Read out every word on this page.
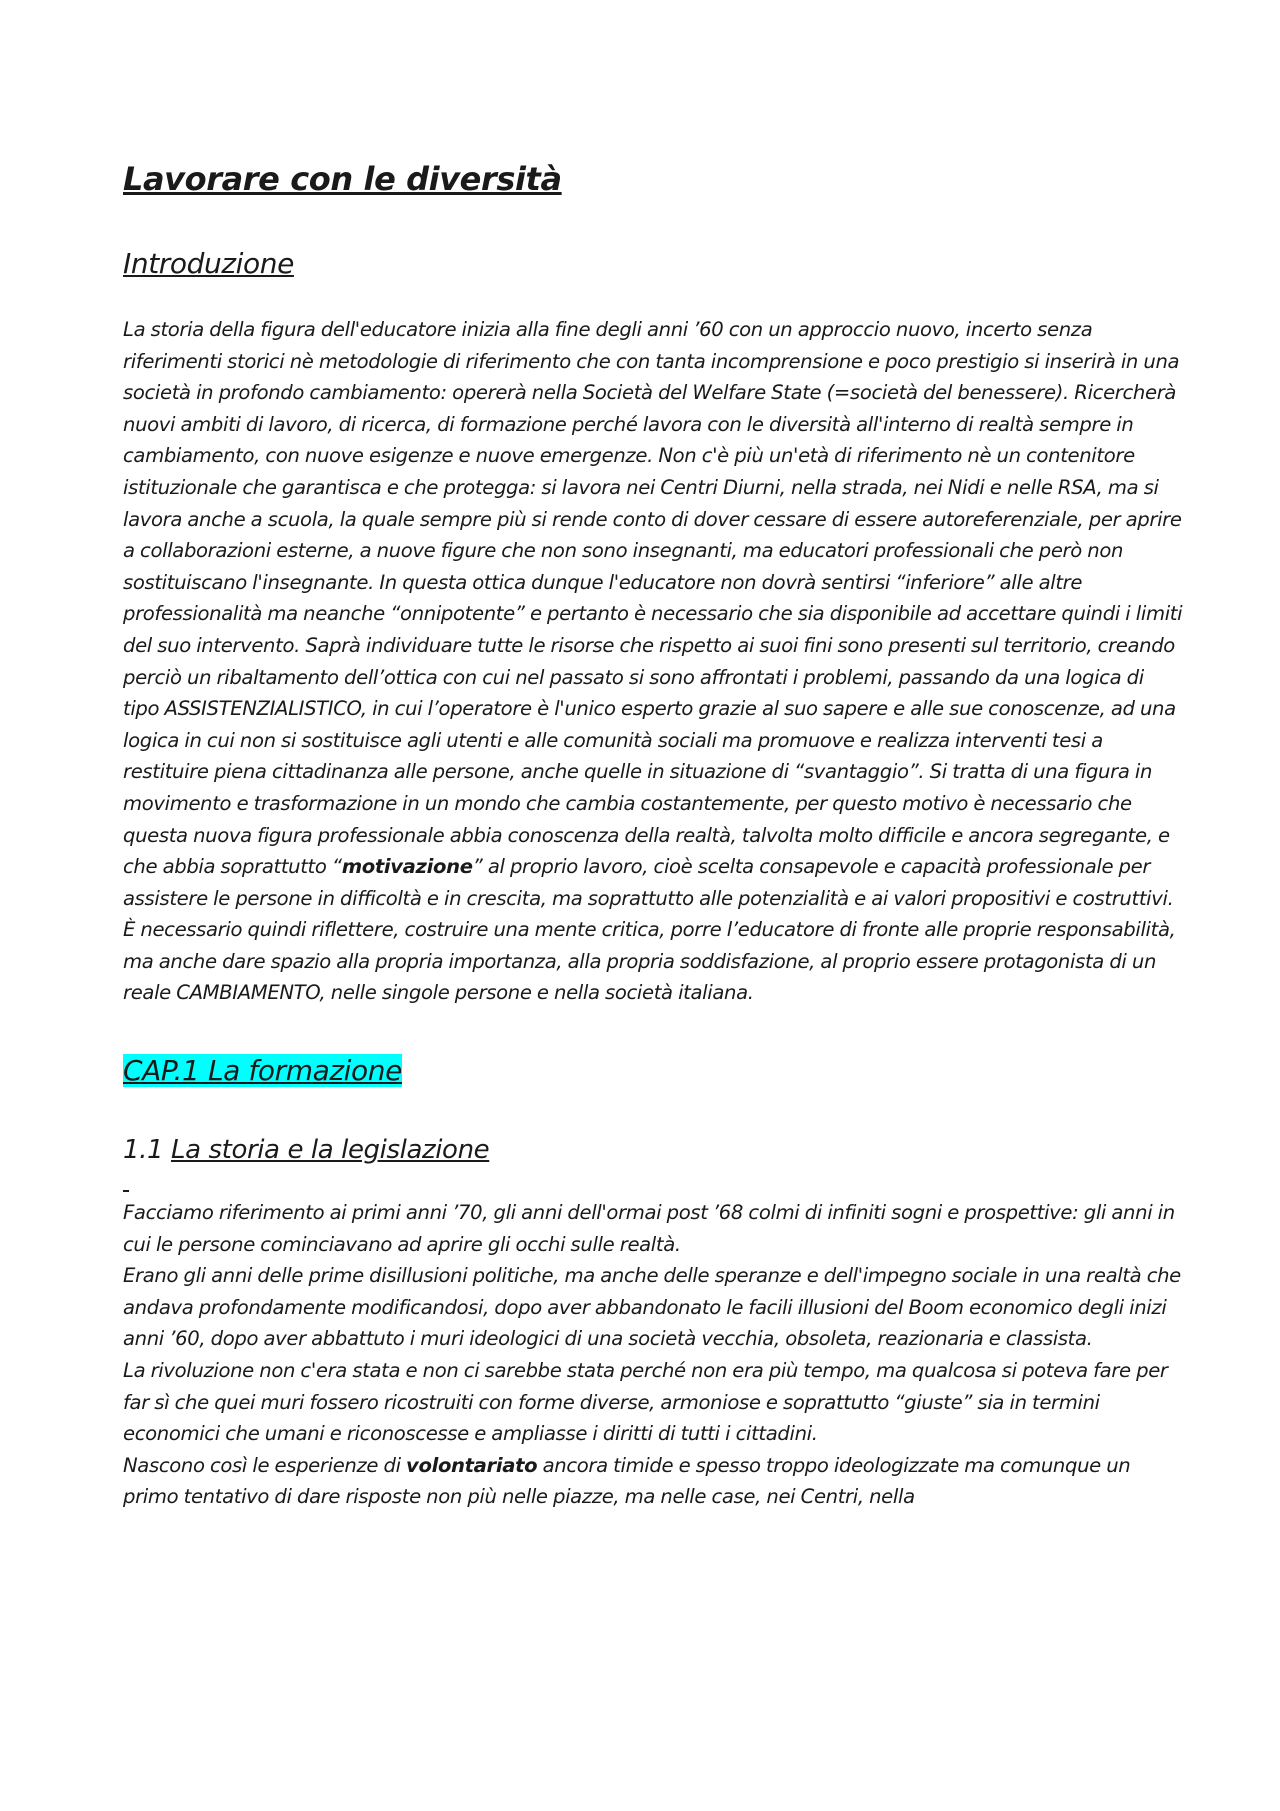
Lavorare con le diversità
Introduzione

La storia della figura dell'educatore inizia alla fine degli anni ’60 con un approccio nuovo, incerto senza riferimenti storici nè metodologie di riferimento che con tanta incomprensione e poco prestigio si inserirà in una società in profondo cambiamento: opererà nella Società del Welfare State (=società del benessere). Ricercherà nuovi ambiti di lavoro, di ricerca, di formazione perché lavora con le diversità all'interno di realtà sempre in cambiamento, con nuove esigenze e nuove emergenze. Non c'è più un'età di riferimento nè un contenitore istituzionale che garantisca e che protegga: si lavora nei Centri Diurni, nella strada, nei Nidi e nelle RSA, ma si lavora anche a scuola, la quale sempre più si rende conto di dover cessare di essere autoreferenziale, per aprire a collaborazioni esterne, a nuove figure che non sono insegnanti, ma educatori professionali che però non sostituiscano l'insegnante. In questa ottica dunque l'educatore non dovrà sentirsi “inferiore” alle altre professionalità ma neanche “onnipotente” e pertanto è necessario che sia disponibile ad accettare quindi i limiti del suo intervento. Saprà individuare tutte le risorse che rispetto ai suoi fini sono presenti sul territorio, creando perciò un ribaltamento dell’ottica con cui nel passato si sono affrontati i problemi, passando da una logica di tipo ASSISTENZIALISTICO, in cui l’operatore è l'unico esperto grazie al suo sapere e alle sue conoscenze, ad una logica in cui non si sostituisce agli utenti e alle comunità sociali ma promuove e realizza interventi tesi a restituire piena cittadinanza alle persone, anche quelle in situazione di “svantaggio”. Si tratta di una figura in movimento e trasformazione in un mondo che cambia costantemente, per questo motivo è necessario che questa nuova figura professionale abbia conoscenza della realtà, talvolta molto difficile e ancora segregante, e che abbia soprattutto “motivazione” al proprio lavoro, cioè scelta consapevole e capacità professionale per assistere le persone in difficoltà e in crescita, ma soprattutto alle potenzialità e ai valori propositivi e costruttivi.

È necessario quindi riflettere, costruire una mente critica, porre l’educatore di fronte alle proprie responsabilità, ma anche dare spazio alla propria importanza, alla propria soddisfazione, al proprio essere protagonista di un reale CAMBIAMENTO, nelle singole persone e nella società italiana.

CAP.1 La formazione
1.1 La storia e la legislazione

Facciamo riferimento ai primi anni ’70, gli anni dell'ormai post ’68 colmi di infiniti sogni e prospettive: gli anni in cui le persone cominciavano ad aprire gli occhi sulle realtà.

Erano gli anni delle prime disillusioni politiche, ma anche delle speranze e dell'impegno sociale in una realtà che andava profondamente modificandosi, dopo aver abbandonato le facili illusioni del Boom economico degli inizi anni ’60, dopo aver abbattuto i muri ideologici di una società vecchia, obsoleta, reazionaria e classista.

La rivoluzione non c'era stata e non ci sarebbe stata perché non era più tempo, ma qualcosa si poteva fare per far sì che quei muri fossero ricostruiti con forme diverse, armoniose e soprattutto “giuste” sia in termini economici che umani e riconoscesse e ampliasse i diritti di tutti i cittadini.

Nascono così le esperienze di volontariato ancora timide e spesso troppo ideologizzate ma comunque un primo tentativo di dare risposte non più nelle piazze, ma nelle case, nei Centri, nella
